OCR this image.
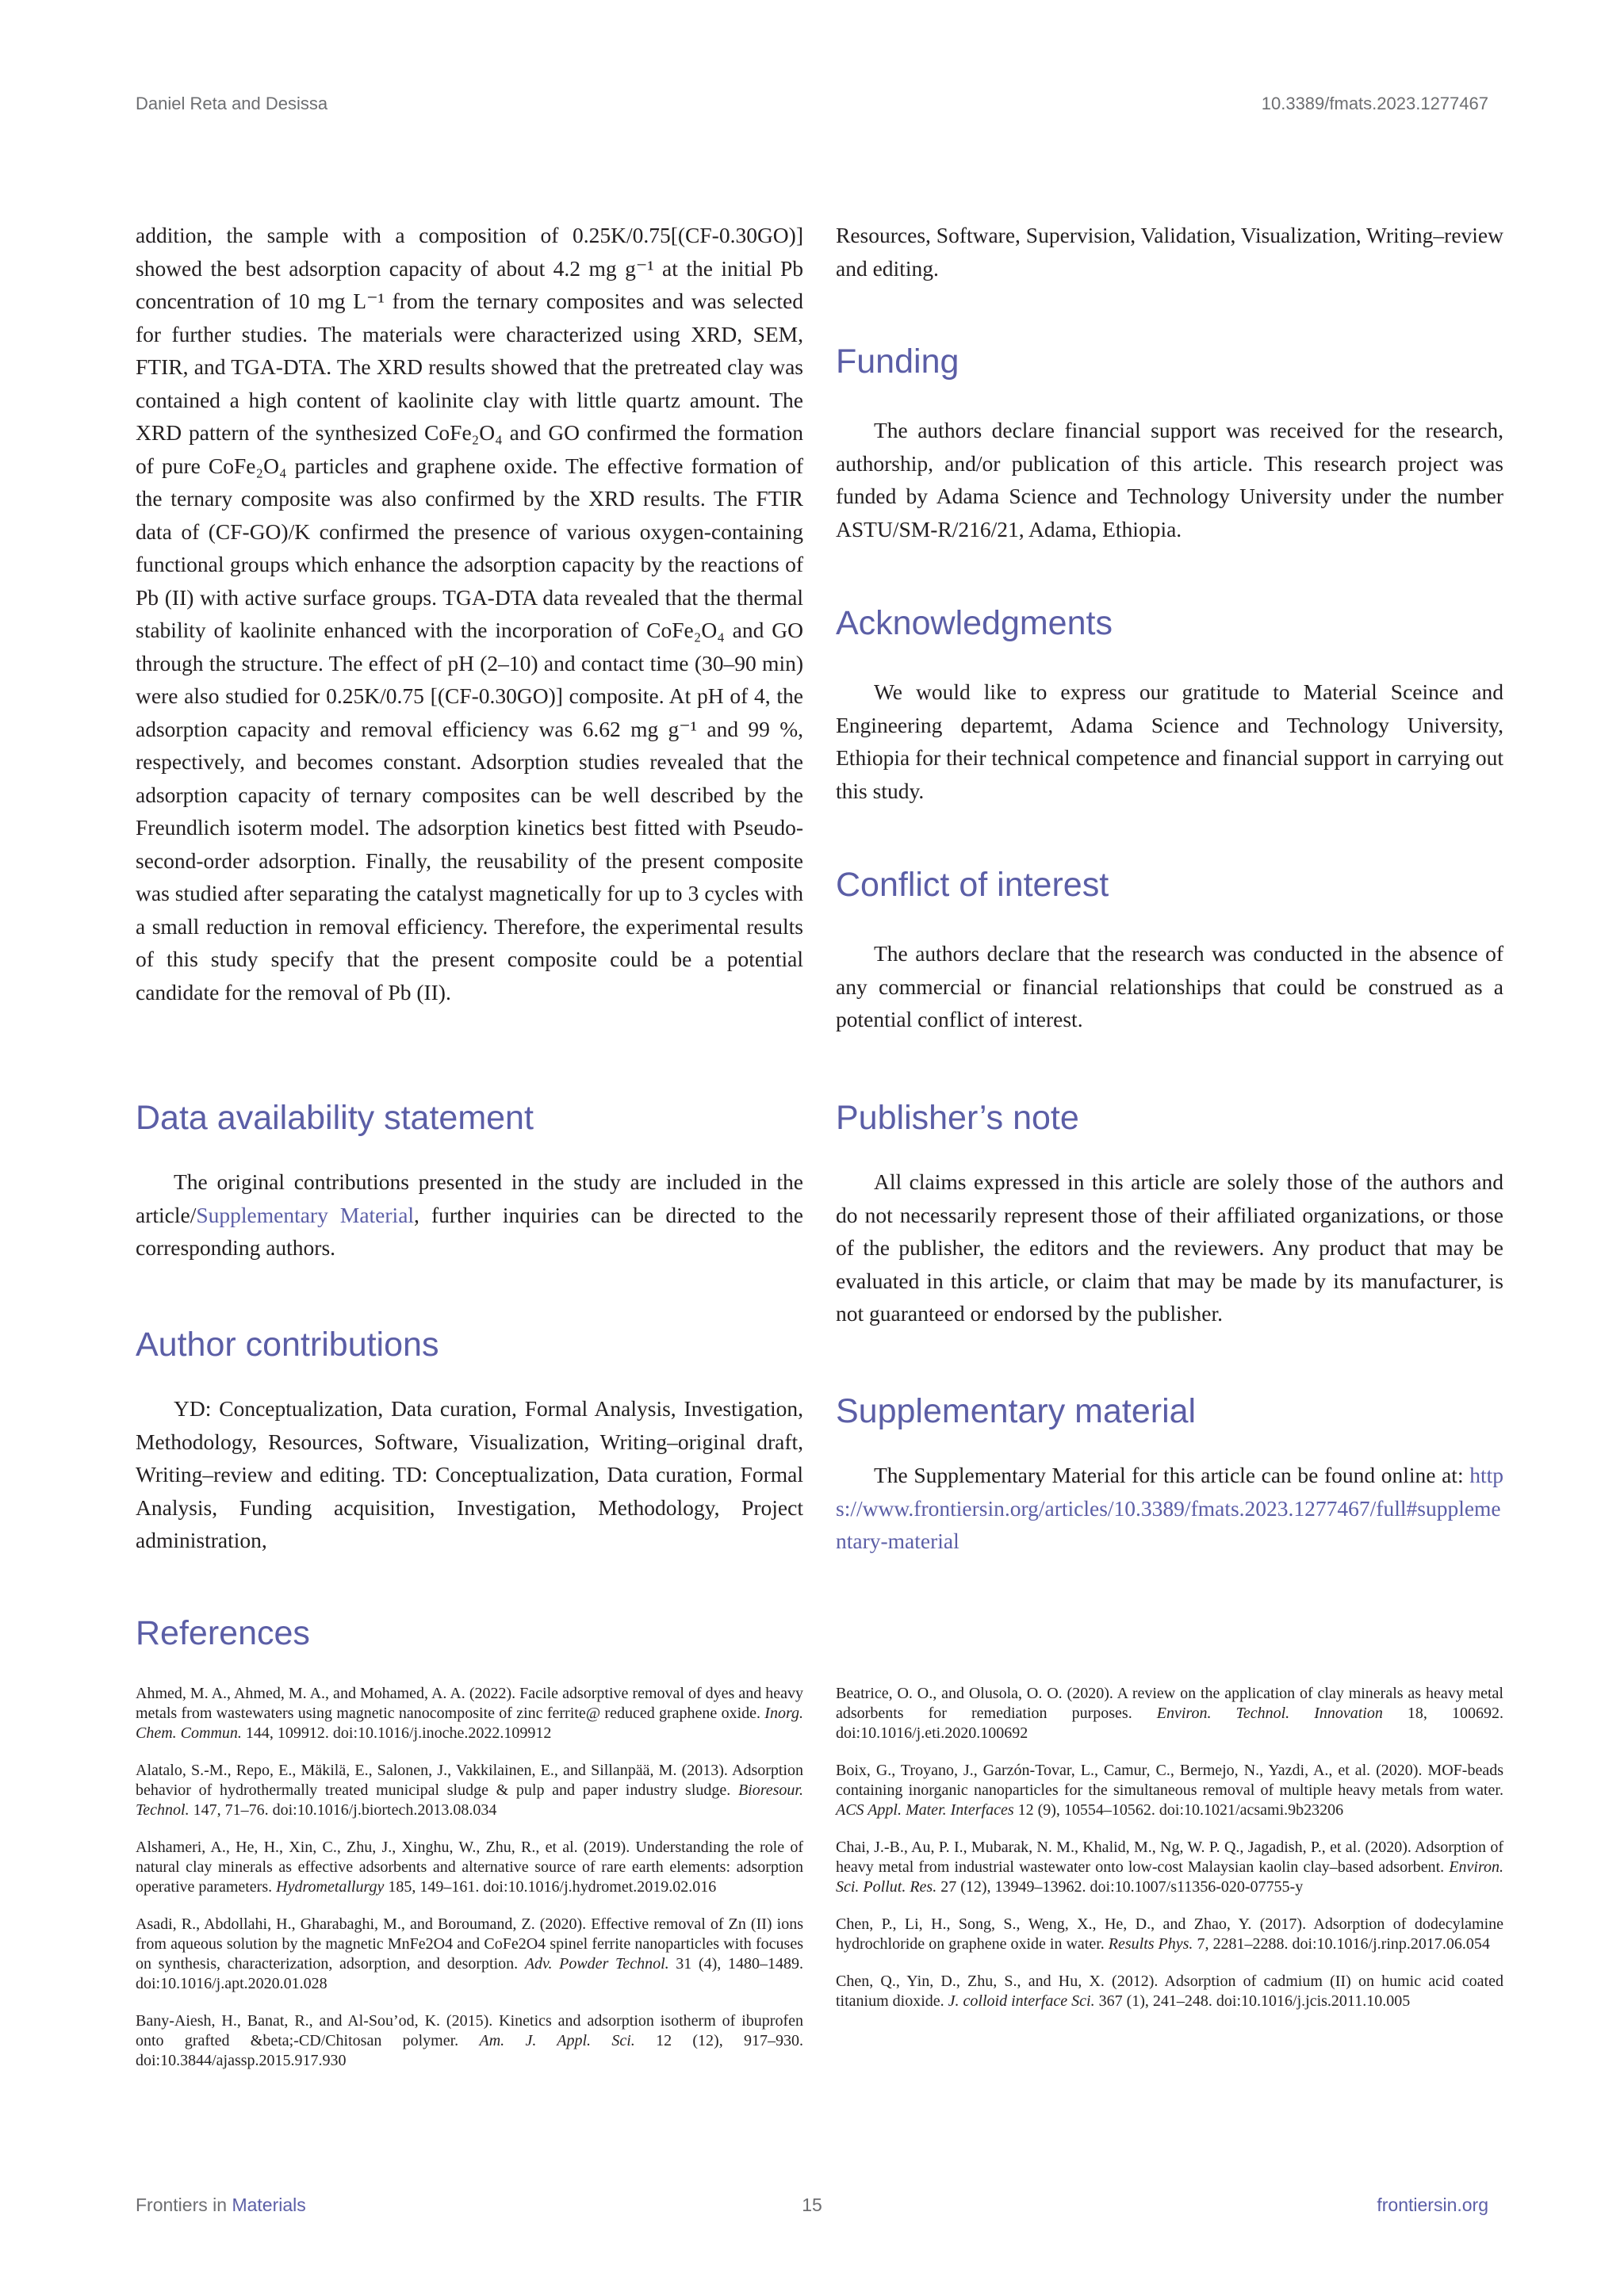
Daniel Reta and Desissa	10.3389/fmats.2023.1277467

addition, the sample with a composition of 0.25K/0.75[(CF-0.30GO)] showed the best adsorption capacity of about 4.2 mg g⁻¹ at the initial Pb concentration of 10 mg L⁻¹ from the ternary composites and was selected for further studies. The materials were characterized using XRD, SEM, FTIR, and TGA-DTA. The XRD results showed that the pretreated clay was contained a high content of kaolinite clay with little quartz amount. The XRD pattern of the synthesized CoFe₂O₄ and GO confirmed the formation of pure CoFe₂O₄ particles and graphene oxide. The effective formation of the ternary composite was also confirmed by the XRD results. The FTIR data of (CF-GO)/K confirmed the presence of various oxygen-containing functional groups which enhance the adsorption capacity by the reactions of Pb (II) with active surface groups. TGA-DTA data revealed that the thermal stability of kaolinite enhanced with the incorporation of CoFe₂O₄ and GO through the structure. The effect of pH (2–10) and contact time (30–90 min) were also studied for 0.25K/0.75 [(CF-0.30GO)] composite. At pH of 4, the adsorption capacity and removal efficiency was 6.62 mg g⁻¹ and 99 %, respectively, and becomes constant. Adsorption studies revealed that the adsorption capacity of ternary composites can be well described by the Freundlich isoterm model. The adsorption kinetics best fitted with Pseudo-second-order adsorption. Finally, the reusability of the present composite was studied after separating the catalyst magnetically for up to 3 cycles with a small reduction in removal efficiency. Therefore, the experimental results of this study specify that the present composite could be a potential candidate for the removal of Pb (II).

Data availability statement

The original contributions presented in the study are included in the article/Supplementary Material, further inquiries can be directed to the corresponding authors.

Author contributions

YD: Conceptualization, Data curation, Formal Analysis, Investigation, Methodology, Resources, Software, Visualization, Writing–original draft, Writing–review and editing. TD: Conceptualization, Data curation, Formal Analysis, Funding acquisition, Investigation, Methodology, Project administration,

Resources, Software, Supervision, Validation, Visualization, Writing–review and editing.

Funding

The authors declare financial support was received for the research, authorship, and/or publication of this article. This research project was funded by Adama Science and Technology University under the number ASTU/SM-R/216/21, Adama, Ethiopia.

Acknowledgments

We would like to express our gratitude to Material Sceince and Engineering departemt, Adama Science and Technology University, Ethiopia for their technical competence and financial support in carrying out this study.

Conflict of interest

The authors declare that the research was conducted in the absence of any commercial or financial relationships that could be construed as a potential conflict of interest.

Publisher’s note

All claims expressed in this article are solely those of the authors and do not necessarily represent those of their affiliated organizations, or those of the publisher, the editors and the reviewers. Any product that may be evaluated in this article, or claim that may be made by its manufacturer, is not guaranteed or endorsed by the publisher.

Supplementary material

The Supplementary Material for this article can be found online at: https://www.frontiersin.org/articles/10.3389/fmats.2023.1277467/full#supplementary-material

References

Ahmed, M. A., Ahmed, M. A., and Mohamed, A. A. (2022). Facile adsorptive removal of dyes and heavy metals from wastewaters using magnetic nanocomposite of zinc ferrite@ reduced graphene oxide. Inorg. Chem. Commun. 144, 109912. doi:10.1016/j.inoche.2022.109912

Alatalo, S.-M., Repo, E., Mäkilä, E., Salonen, J., Vakkilainen, E., and Sillanpää, M. (2013). Adsorption behavior of hydrothermally treated municipal sludge & pulp and paper industry sludge. Bioresour. Technol. 147, 71–76. doi:10.1016/j.biortech.2013.08.034

Alshameri, A., He, H., Xin, C., Zhu, J., Xinghu, W., Zhu, R., et al. (2019). Understanding the role of natural clay minerals as effective adsorbents and alternative source of rare earth elements: adsorption operative parameters. Hydrometallurgy 185, 149–161. doi:10.1016/j.hydromet.2019.02.016

Asadi, R., Abdollahi, H., Gharabaghi, M., and Boroumand, Z. (2020). Effective removal of Zn (II) ions from aqueous solution by the magnetic MnFe2O4 and CoFe2O4 spinel ferrite nanoparticles with focuses on synthesis, characterization, adsorption, and desorption. Adv. Powder Technol. 31 (4), 1480–1489. doi:10.1016/j.apt.2020.01.028

Bany-Aiesh, H., Banat, R., and Al-Sou’od, K. (2015). Kinetics and adsorption isotherm of ibuprofen onto grafted &beta;-CD/Chitosan polymer. Am. J. Appl. Sci. 12 (12), 917–930. doi:10.3844/ajassp.2015.917.930

Beatrice, O. O., and Olusola, O. O. (2020). A review on the application of clay minerals as heavy metal adsorbents for remediation purposes. Environ. Technol. Innovation 18, 100692. doi:10.1016/j.eti.2020.100692

Boix, G., Troyano, J., Garzón-Tovar, L., Camur, C., Bermejo, N., Yazdi, A., et al. (2020). MOF-beads containing inorganic nanoparticles for the simultaneous removal of multiple heavy metals from water. ACS Appl. Mater. Interfaces 12 (9), 10554–10562. doi:10.1021/acsami.9b23206

Chai, J.-B., Au, P. I., Mubarak, N. M., Khalid, M., Ng, W. P. Q., Jagadish, P., et al. (2020). Adsorption of heavy metal from industrial wastewater onto low-cost Malaysian kaolin clay–based adsorbent. Environ. Sci. Pollut. Res. 27 (12), 13949–13962. doi:10.1007/s11356-020-07755-y

Chen, P., Li, H., Song, S., Weng, X., He, D., and Zhao, Y. (2017). Adsorption of dodecylamine hydrochloride on graphene oxide in water. Results Phys. 7, 2281–2288. doi:10.1016/j.rinp.2017.06.054

Chen, Q., Yin, D., Zhu, S., and Hu, X. (2012). Adsorption of cadmium (II) on humic acid coated titanium dioxide. J. colloid interface Sci. 367 (1), 241–248. doi:10.1016/j.jcis.2011.10.005

Frontiers in Materials	15	frontiersin.org
